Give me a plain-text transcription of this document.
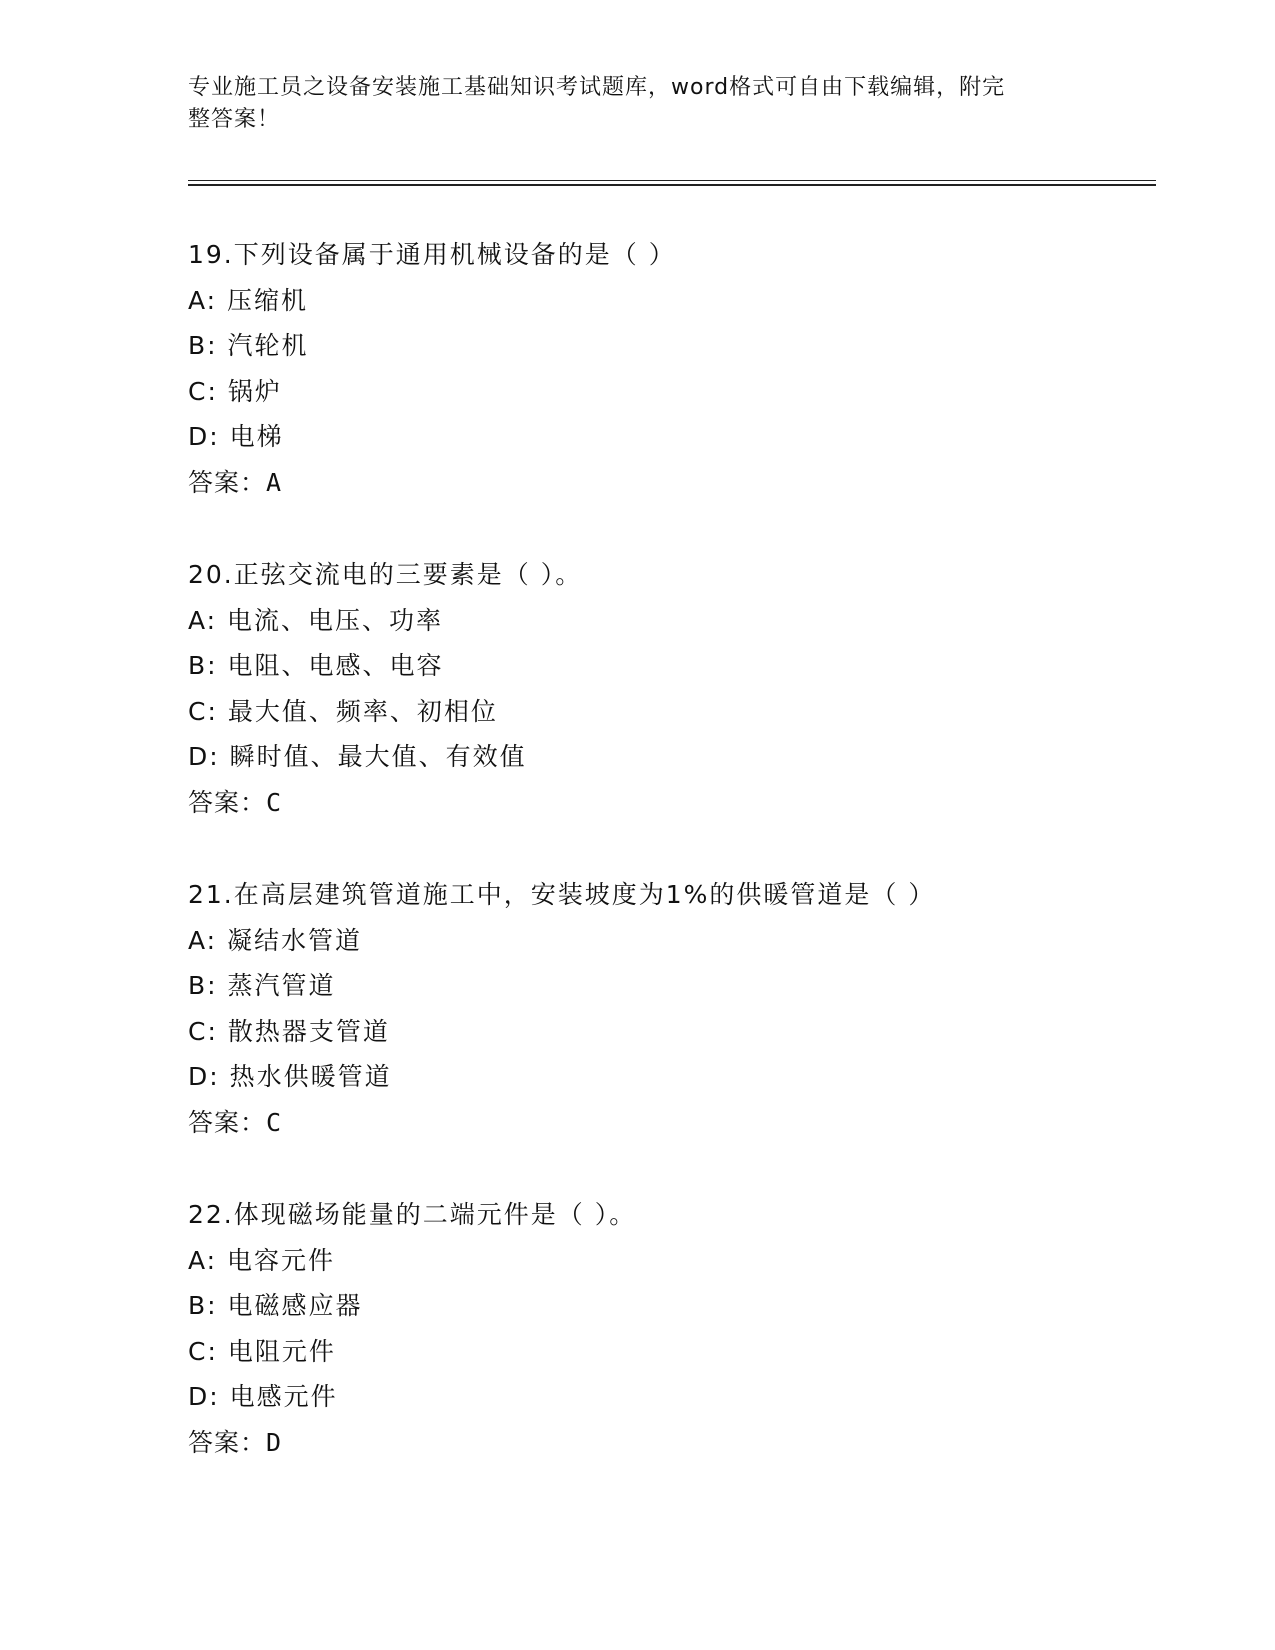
专业施工员之设备安装施工基础知识考试题库，word格式可自由下载编辑，附完
整答案！
19.下列设备属于通用机械设备的是（ ）
A: 压缩机
B: 汽轮机
C: 锅炉
D: 电梯
答案：A
20.正弦交流电的三要素是（ ）。
A: 电流、电压、功率
B: 电阻、电感、电容
C: 最大值、频率、初相位
D: 瞬时值、最大值、有效值
答案：C
21.在高层建筑管道施工中，安装坡度为1%的供暖管道是（ ）
A: 凝结水管道
B: 蒸汽管道
C: 散热器支管道
D: 热水供暖管道
答案：C
22.体现磁场能量的二端元件是（ ）。
A: 电容元件
B: 电磁感应器
C: 电阻元件
D: 电感元件
答案：D
